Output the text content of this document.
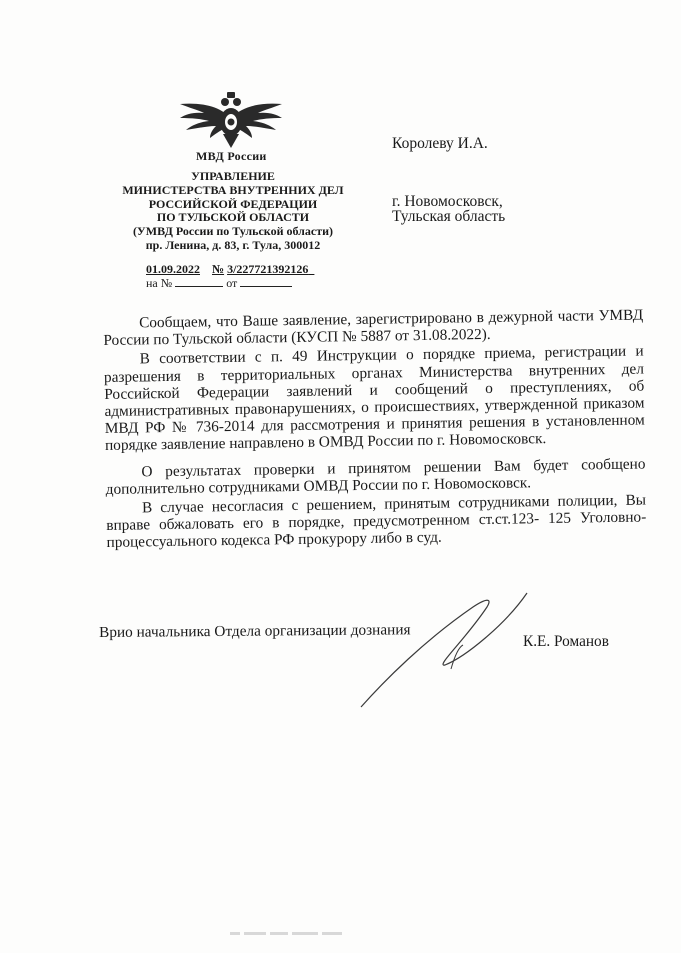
МВД России
УПРАВЛЕНИЕ
МИНИСТЕРСТВА ВНУТРЕННИХ ДЕЛ
РОССИЙСКОЙ ФЕДЕРАЦИИ
ПО ТУЛЬСКОЙ ОБЛАСТИ
(УМВД России по Тульской области)
пр. Ленина, д. 83, г. Тула, 300012
01.09.2022 № 3/227721392126
на №	от
Королеву И.А.
г. Новомосковск,
Тульская область

Сообщаем, что Ваше заявление, зарегистрировано в дежурной части УМВД России по Тульской области (КУСП № 5887 от 31.08.2022).

В соответствии с п. 49 Инструкции о порядке приема, регистрации и разрешения в территориальных органах Министерства внутренних дел Российской Федерации заявлений и сообщений о преступлениях, об административных правонарушениях, о происшествиях, утвержденной приказом МВД РФ № 736-2014 для рассмотрения и принятия решения в установленном порядке заявление направлено в ОМВД России по г. Новомосковск.

О результатах проверки и принятом решении Вам будет сообщено дополнительно сотрудниками ОМВД России по г. Новомосковск.

В случае несогласия с решением, принятым сотрудниками полиции, Вы вправе обжаловать его в порядке, предусмотренном ст.ст.123- 125 Уголовно-процессуального кодекса РФ прокурору либо в суд.

Врио начальника Отдела организации дознания
К.Е. Романов
